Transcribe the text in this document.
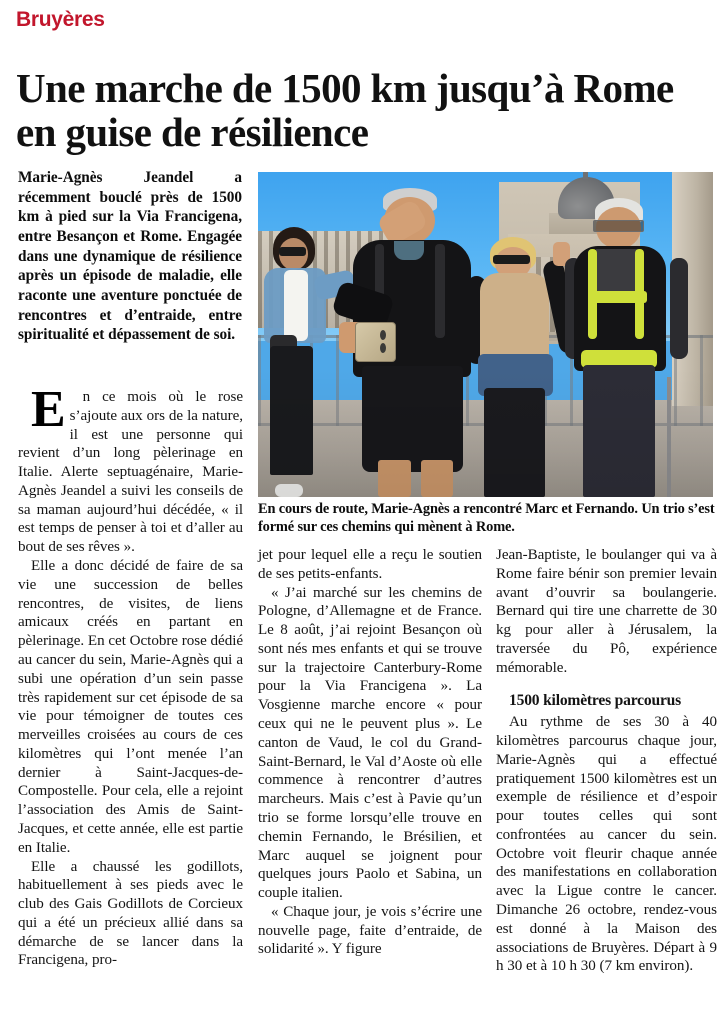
Bruyères
Une marche de 1500 km jusqu’à Rome en guise de résilience
Marie-Agnès Jeandel a récemment bouclé près de 1500 km à pied sur la Via Francigena, entre Besançon et Rome. Engagée dans une dynamique de résilience après un épisode de maladie, elle raconte une aventure ponctuée de rencontres et d’entraide, entre spiritualité et dépassement de soi.
En cours de route, Marie-Agnès a rencontré Marc et Fernando. Un trio s’est formé sur ces chemins qui mènent à Rome.

En ce mois où le rose s’ajoute aux ors de la nature, il est une personne qui revient d’un long pèlerinage en Italie. Alerte septuagénaire, Marie-Agnès Jeandel a suivi les conseils de sa maman aujourd’hui décédée, « il est temps de penser à toi et d’aller au bout de ses rêves ».

Elle a donc décidé de faire de sa vie une succession de belles rencontres, de visites, de liens amicaux créés en partant en pèlerinage. En cet Octobre rose dédié au cancer du sein, Marie-Agnès qui a subi une opération d’un sein passe très rapidement sur cet épisode de sa vie pour témoigner de toutes ces merveilles croisées au cours de ces kilomètres qui l’ont menée l’an dernier à Saint-Jacques-de-Compostelle. Pour cela, elle a rejoint l’association des Amis de Saint-Jacques, et cette année, elle est partie en Italie.

Elle a chaussé les godillots, habituellement à ses pieds avec le club des Gais Godillots de Corcieux qui a été un précieux allié dans sa démarche de se lancer dans la Francigena, pro-

jet pour lequel elle a reçu le soutien de ses petits-enfants.

« J’ai marché sur les chemins de Pologne, d’Allemagne et de France. Le 8 août, j’ai rejoint Besançon où sont nés mes enfants et qui se trouve sur la trajectoire Canterbury-Rome pour la Via Francigena ». La Vosgienne marche encore « pour ceux qui ne le peuvent plus ». Le canton de Vaud, le col du Grand-Saint-Bernard, le Val d’Aoste où elle commence à rencontrer d’autres marcheurs. Mais c’est à Pavie qu’un trio se forme lorsqu’elle trouve en chemin Fernando, le Brésilien, et Marc auquel se joignent pour quelques jours Paolo et Sabina, un couple italien.

« Chaque jour, je vois s’écrire une nouvelle page, faite d’entraide, de solidarité ». Y figure

Jean-Baptiste, le boulanger qui va à Rome faire bénir son premier levain avant d’ouvrir sa boulangerie. Bernard qui tire une charrette de 30 kg pour aller à Jérusalem, la traversée du Pô, expérience mémorable.

1500 kilomètres parcourus

Au rythme de ses 30 à 40 kilomètres parcourus chaque jour, Marie-Agnès qui a effectué pratiquement 1500 kilomètres est un exemple de résilience et d’espoir pour toutes celles qui sont confrontées au cancer du sein. Octobre voit fleurir chaque année des manifestations en collaboration avec la Ligue contre le cancer. Dimanche 26 octobre, rendez-vous est donné à la Maison des associations de Bruyères. Départ à 9 h 30 et à 10 h 30 (7 km environ).
